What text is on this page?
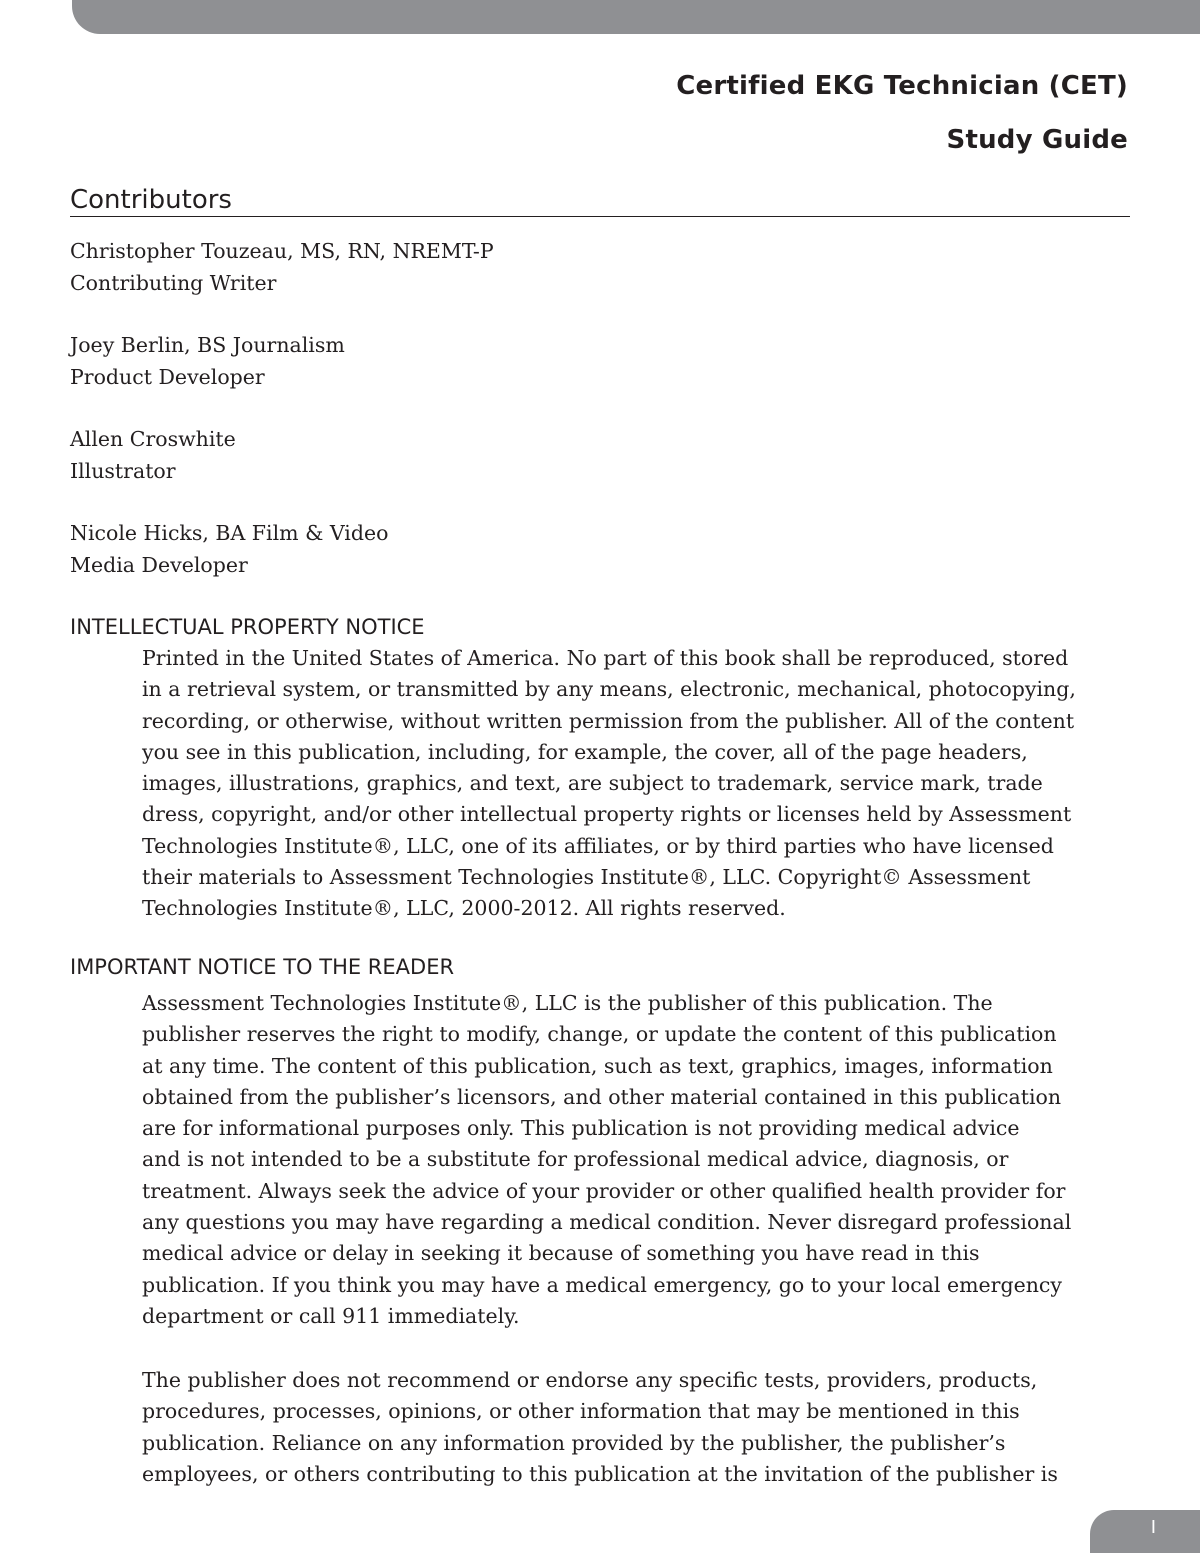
Certified EKG Technician (CET)
Study Guide
Contributors
Christopher Touzeau, MS, RN, NREMT-P
Contributing Writer
Joey Berlin, BS Journalism
Product Developer
Allen Croswhite
Illustrator
Nicole Hicks, BA Film & Video
Media Developer
INTELLECTUAL PROPERTY NOTICE
Printed in the United States of America. No part of this book shall be reproduced, stored
in a retrieval system, or transmitted by any means, electronic, mechanical, photocopying,
recording, or otherwise, without written permission from the publisher. All of the content
you see in this publication, including, for example, the cover, all of the page headers,
images, illustrations, graphics, and text, are subject to trademark, service mark, trade
dress, copyright, and/or other intellectual property rights or licenses held by Assessment
Technologies Institute®, LLC, one of its affiliates, or by third parties who have licensed
their materials to Assessment Technologies Institute®, LLC. Copyright© Assessment
Technologies Institute®, LLC, 2000-2012. All rights reserved.
IMPORTANT NOTICE TO THE READER
Assessment Technologies Institute®, LLC is the publisher of this publication. The
publisher reserves the right to modify, change, or update the content of this publication
at any time. The content of this publication, such as text, graphics, images, information
obtained from the publisher’s licensors, and other material contained in this publication
are for informational purposes only. This publication is not providing medical advice
and is not intended to be a substitute for professional medical advice, diagnosis, or
treatment. Always seek the advice of your provider or other qualified health provider for
any questions you may have regarding a medical condition. Never disregard professional
medical advice or delay in seeking it because of something you have read in this
publication. If you think you may have a medical emergency, go to your local emergency
department or call 911 immediately.
The publisher does not recommend or endorse any specific tests, providers, products,
procedures, processes, opinions, or other information that may be mentioned in this
publication. Reliance on any information provided by the publisher, the publisher’s
employees, or others contributing to this publication at the invitation of the publisher is
I
